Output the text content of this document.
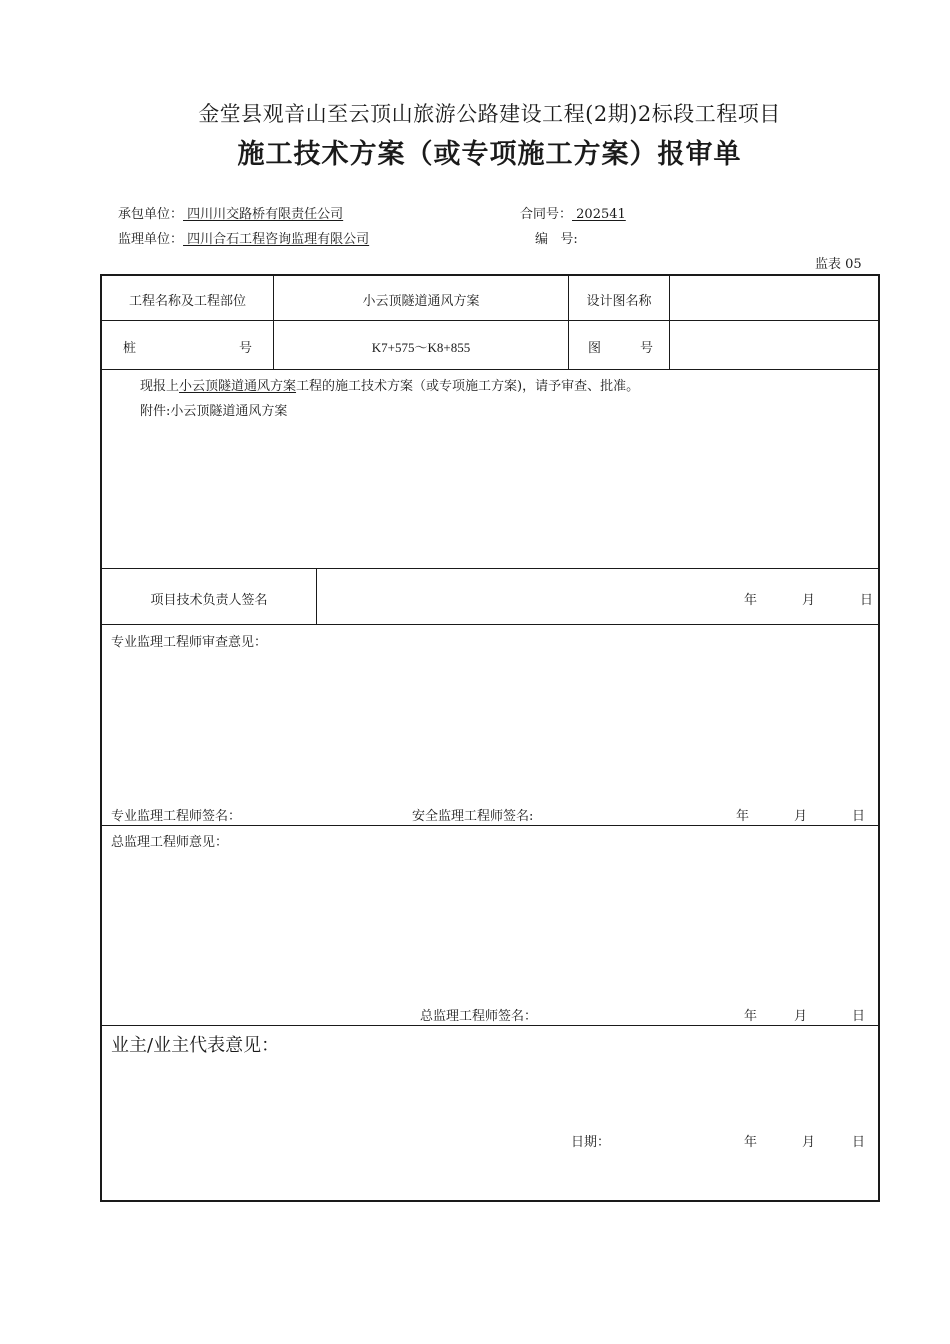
金堂县观音山至云顶山旅游公路建设工程(2期)2标段工程项目
施工技术方案（或专项施工方案）报审单
承包单位： 四川川交路桥有限责任公司	合同号： 202541
监理单位： 四川合石工程咨询监理有限公司	编   号:
监表 05
工程名称及工程部位	小云顶隧道通风方案	设计图名称
桩	号	K7+575～K8+855	图	号
现报上小云顶隧道通风方案工程的施工技术方案（或专项施工方案)，请予审查、批准。
附件:小云顶隧道通风方案
项目技术负责人签名	年	月	日
专业监理工程师审查意见：
专业监理工程师签名：	安全监理工程师签名:	年	月	日
总监理工程师意见：
总监理工程师签名：	年	月	日
业主/业主代表意见：
日期：	年	月	日
